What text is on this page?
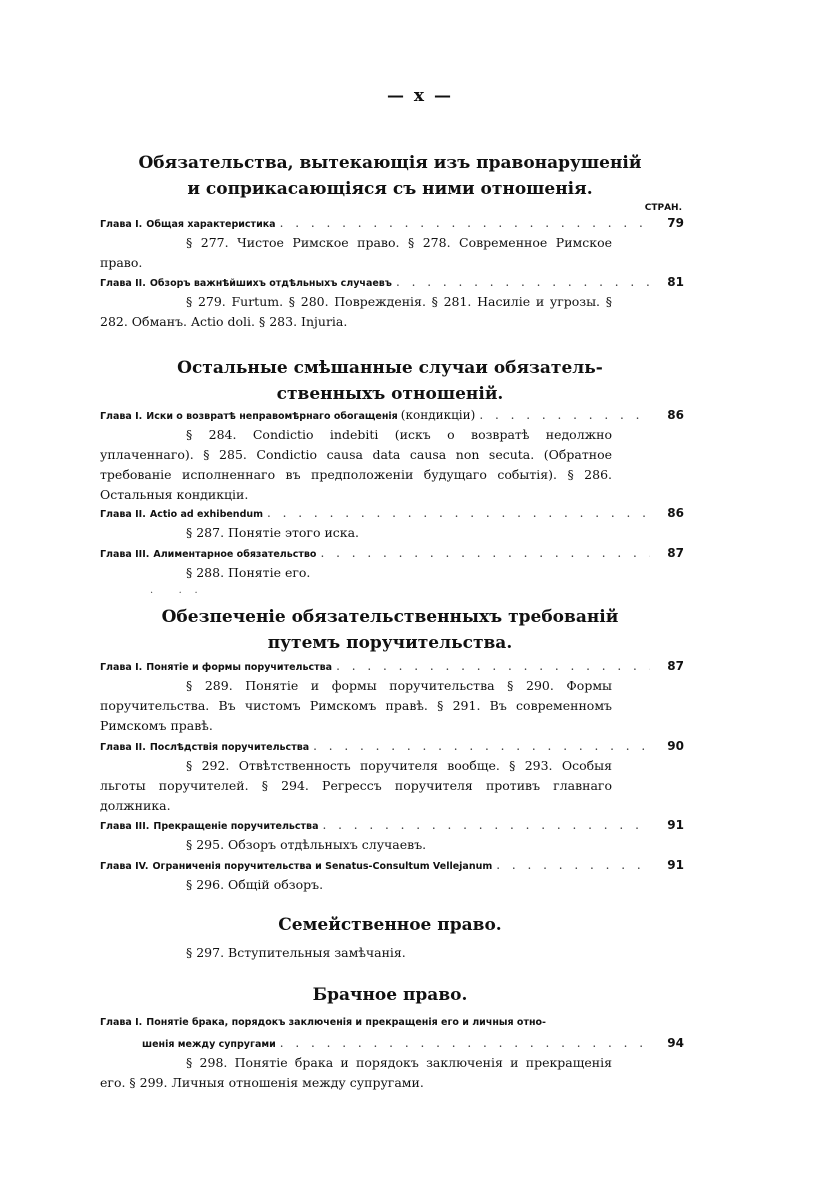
— x —
Обязательства, вытекающія изъ правонарушеній
и соприкасающіяся съ ними отношенія.
СТРАН.
Глава I. Общая характеристика . . .	79
§ 277. Чистое Римское право. § 278. Современное Римское право.
Глава II. Обзоръ важнѣйшихъ отдѣльныхъ случаевъ . . .	81
§ 279. Furtum. § 280. Поврежденія. § 281. Насиліе и угрозы. § 282. Обманъ. Actio doli. § 283. Injuria.
Остальные смѣшанные случаи обязатель-
ственныхъ отношеній.
Глава I. Иски о возвратѣ неправомѣрнаго обогащенія (кондикціи) . . .	86
§ 284. Condictio indebiti (искъ о возвратѣ недолжно уплаченнаго). § 285. Condictio causa data causa non secuta. (Обратное требованіе исполненнаго въ предположеніи будущаго событія). § 286. Остальныя кондикціи.
Глава II. Actio ad exhibendum . . .	86
§ 287. Понятіе этого иска.
Глава III. Алиментарное обязательство . . .	87
§ 288. Понятіе его.
·        ·    ·
Обезпеченіе обязательственныхъ требованій
путемъ поручительства.
Глава I. Понятіе и формы поручительства . . .	87
§ 289. Понятіе и формы поручительства § 290. Формы поручительства. Въ чистомъ Римскомъ правѣ. § 291. Въ современномъ Римскомъ правѣ.
Глава II. Послѣдствія поручительства . . .	90
§ 292. Отвѣтственность поручителя вообще. § 293. Особыя льготы поручителей. § 294. Регрессъ поручителя противъ главнаго должника.
Глава III. Прекращеніе поручительства . . .	91
§ 295. Обзоръ отдѣльныхъ случаевъ.
Глава IV. Ограниченія поручительства и Senatus-Consultum Vellejanum . . .	91
§ 296. Общій обзоръ.
Семейственное право.
§ 297. Вступительныя замѣчанія.
Брачное право.
Глава I. Понятіе брака, порядокъ заключенія и прекращенія его и личныя отно-
шенія между супругами . . .	94
§ 298. Понятіе брака и порядокъ заключенія и прекращенія его. § 299. Личныя отношенія между супругами.
